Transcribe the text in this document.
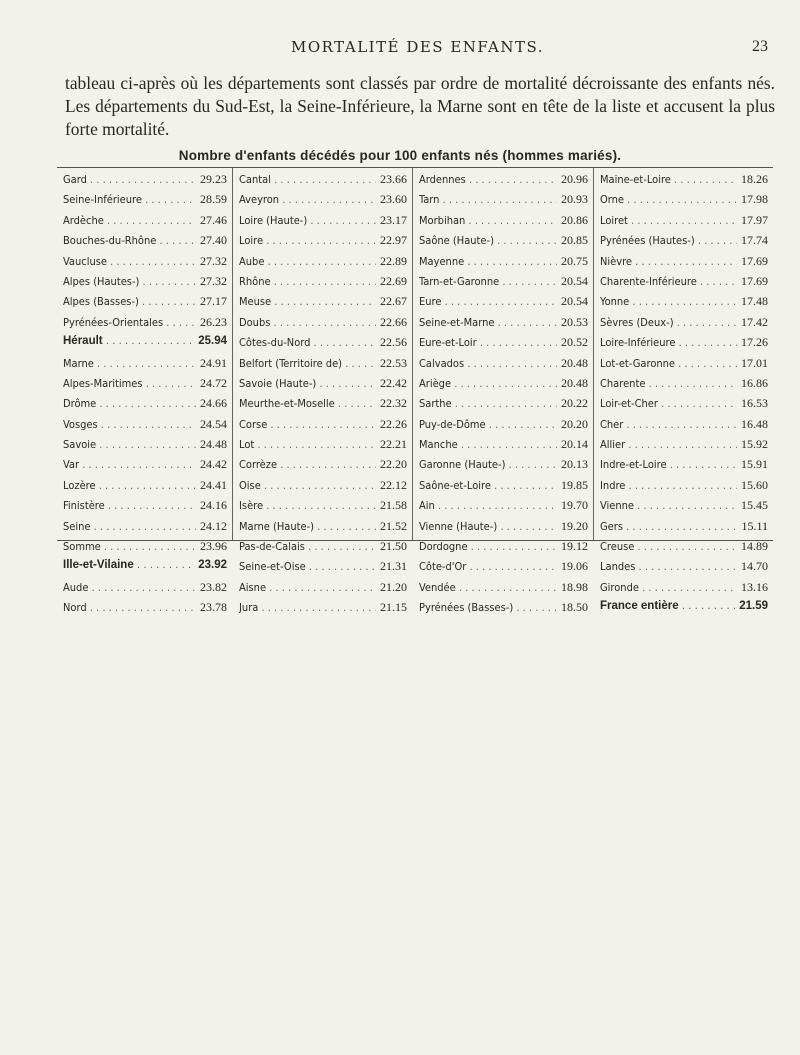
MORTALITÉ DES ENFANTS.	23
tableau ci-après où les départements sont classés par ordre de mortalité décroissante des enfants nés. Les départements du Sud-Est, la Seine-Inférieure, la Marne sont en tête de la liste et accusent la plus forte mortalité.
Nombre d'enfants décédés pour 100 enfants nés (hommes mariés).
Gard . . .	29.23
Seine-Inférieure . . .	28.59
Ardèche . . .	27.46
Bouches-du-Rhône . . .	27.40
Vaucluse . . .	27.32
Alpes (Hautes-) . . .	27.32
Alpes (Basses-) . . .	27.17
Pyrénées-Orientales . . .	26.23
Hérault . . .	25.94
Marne . . .	24.91
Alpes-Maritimes . . .	24.72
Drôme . . .	24.66
Vosges . . .	24.54
Savoie . . .	24.48
Var . . .	24.42
Lozère . . .	24.41
Finistère . . .	24.16
Seine . . .	24.12
Somme . . .	23.96
Ille-et-Vilaine . . .	23.92
Aude . . .	23.82
Nord . . .	23.78
Cantal . . .	23.66
Aveyron . . .	23.60
Loire (Haute-) . . .	23.17
Loire . . .	22.97
Aube . . .	22.89
Rhône . . .	22.69
Meuse . . .	22.67
Doubs . . .	22.66
Côtes-du-Nord . . .	22.56
Belfort (Territoire de) . . .	22.53
Savoie (Haute-) . . .	22.42
Meurthe-et-Moselle . . .	22.32
Corse . . .	22.26
Lot . . .	22.21
Corrèze . . .	22.20
Oise . . .	22.12
Isère . . .	21.58
Marne (Haute-) . . .	21.52
Pas-de-Calais . . .	21.50
Seine-et-Oise . . .	21.31
Aisne . . .	21.20
Jura . . .	21.15
Ardennes . . .	20.96
Tarn . . .	20.93
Morbihan . . .	20.86
Saône (Haute-) . . .	20.85
Mayenne . . .	20.75
Tarn-et-Garonne . . .	20.54
Eure . . .	20.54
Seine-et-Marne . . .	20.53
Eure-et-Loir . . .	20.52
Calvados . . .	20.48
Ariège . . .	20.48
Sarthe . . .	20.22
Puy-de-Dôme . . .	20.20
Manche . . .	20.14
Garonne (Haute-) . . .	20.13
Saône-et-Loire . . .	19.85
Ain . . .	19.70
Vienne (Haute-) . . .	19.20
Dordogne . . .	19.12
Côte-d'Or . . .	19.06
Vendée . . .	18.98
Pyrénées (Basses-) . . .	18.50
Maine-et-Loire . . .	18.26
Orne . . .	17.98
Loiret . . .	17.97
Pyrénées (Hautes-) . . .	17.74
Nièvre . . .	17.69
Charente-Inférieure . . .	17.69
Yonne . . .	17.48
Sèvres (Deux-) . . .	17.42
Loire-Inférieure . . .	17.26
Lot-et-Garonne . . .	17.01
Charente . . .	16.86
Loir-et-Cher . . .	16.53
Cher . . .	16.48
Allier . . .	15.92
Indre-et-Loire . . .	15.91
Indre . . .	15.60
Vienne . . .	15.45
Gers . . .	15.11
Creuse . . .	14.89
Landes . . .	14.70
Gironde . . .	13.16
France entière . . .	21.59
